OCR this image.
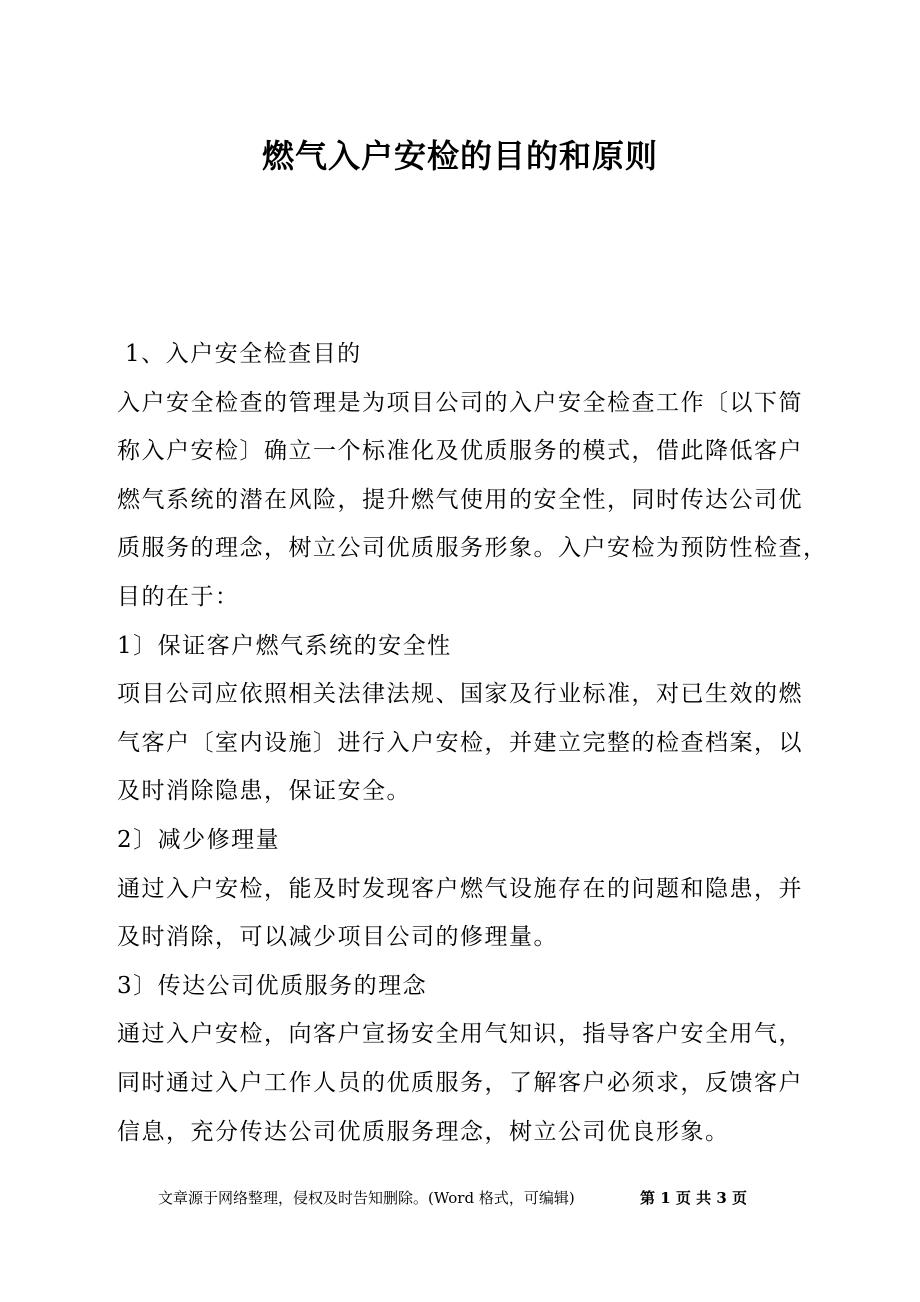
燃气入户安检的目的和原则
1、入户安全检查目的
入户安全检查的管理是为项目公司的入户安全检查工作〔以下简
称入户安检〕确立一个标准化及优质服务的模式，借此降低客户
燃气系统的潜在风险，提升燃气使用的安全性，同时传达公司优
质服务的理念，树立公司优质服务形象。入户安检为预防性检查，
目的在于：
1〕保证客户燃气系统的安全性
项目公司应依照相关法律法规、国家及行业标准，对已生效的燃
气客户〔室内设施〕进行入户安检，并建立完整的检查档案，以
及时消除隐患，保证安全。
2〕减少修理量
通过入户安检，能及时发现客户燃气设施存在的问题和隐患，并
及时消除，可以减少项目公司的修理量。
3〕传达公司优质服务的理念
通过入户安检，向客户宣扬安全用气知识，指导客户安全用气，
同时通过入户工作人员的优质服务，了解客户必须求，反馈客户
信息，充分传达公司优质服务理念，树立公司优良形象。
文章源于网络整理，侵权及时告知删除。(Word 格式，可编辑)	第 1 页 共 3 页
